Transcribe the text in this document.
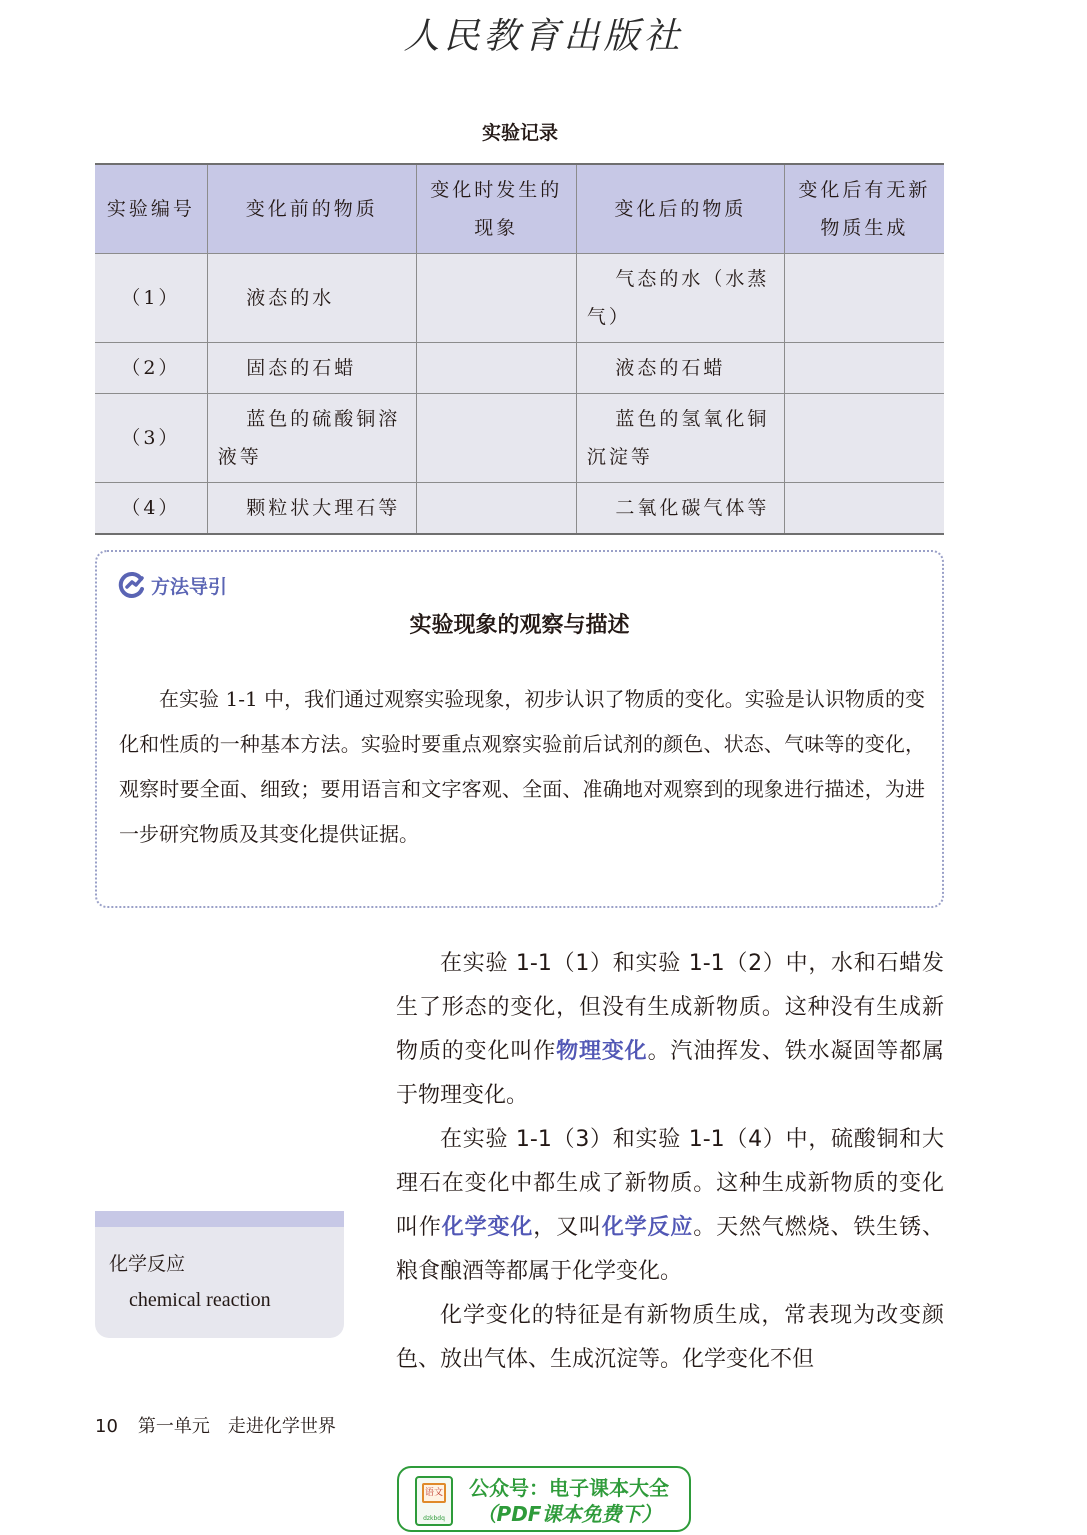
人民教育出版社
实验记录
实验编号	变化前的物质	变化时发生的现象	变化后的物质	变化后有无新物质生成
（1）	液态的水		气态的水（水蒸气）	
（2）	固态的石蜡		液态的石蜡	
（3）	蓝色的硫酸铜溶液等		蓝色的氢氧化铜沉淀等	
（4）	颗粒状大理石等		二氧化碳气体等	
方法导引
实验现象的观察与描述

在实验 1-1 中，我们通过观察实验现象，初步认识了物质的变化。实验是认识物质的变化和性质的一种基本方法。实验时要重点观察实验前后试剂的颜色、状态、气味等的变化，观察时要全面、细致；要用语言和文字客观、全面、准确地对观察到的现象进行描述，为进一步研究物质及其变化提供证据。

在实验 1-1（1）和实验 1-1（2）中，水和石蜡发生了形态的变化，但没有生成新物质。这种没有生成新物质的变化叫作物理变化。汽油挥发、铁水凝固等都属于物理变化。

在实验 1-1（3）和实验 1-1（4）中，硫酸铜和大理石在变化中都生成了新物质。这种生成新物质的变化叫作化学变化，又叫化学反应。天然气燃烧、铁生锈、粮食酿酒等都属于化学变化。

化学变化的特征是有新物质生成，常表现为改变颜色、放出气体、生成沉淀等。化学变化不但

化学反应
chemical reaction
10 第一单元　走进化学世界
语文
dzkbdq
公众号：电子课本大全
（PDF课本免费下）
